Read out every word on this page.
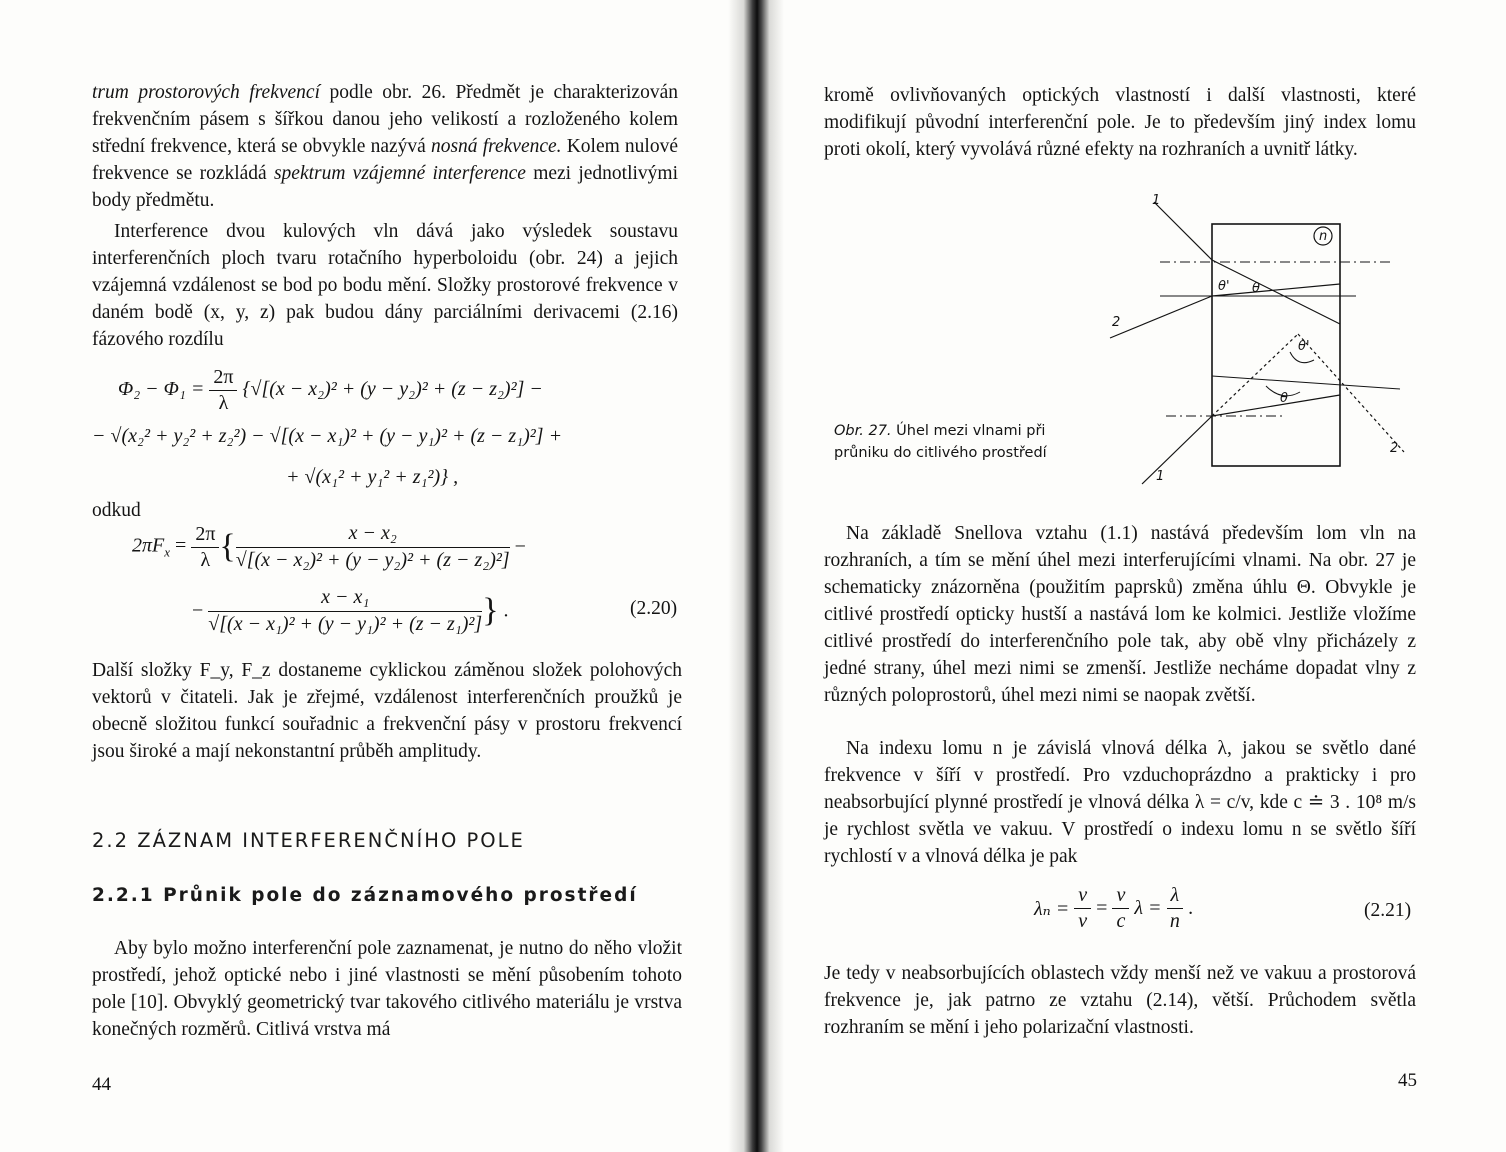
trum prostorových frekvencí podle obr. 26. Předmět je charakterizován frekvenčním pásem s šířkou danou jeho velikostí a rozloženého kolem střední frekvence, která se obvykle nazývá nosná frekvence. Kolem nulové frekvence se rozkládá spektrum vzájemné interference mezi jednotlivými body předmětu.

Interference dvou kulových vln dává jako výsledek soustavu interferenčních ploch tvaru rotačního hyperboloidu (obr. 24) a jejich vzájemná vzdálenost se bod po bodu mění. Složky prostorové frekvence v daném bodě (x, y, z) pak budou dány parciálními derivacemi (2.16) fázového rozdílu

$\Phi_2 - \Phi_1 = \frac{2\pi}{\lambda} \{√[(x - x_2)^2 + (y - y_2)^2 + (z - z_2)^2]$ −
− √(x₂² + y₂² + z₂²) − √[(x − x₁)² + (y − y₁)² + (z − z₁)²] +
+ √(x₁² + y₁² + z₁²)} ,

odkud

$2\pi F_x = \frac{2\pi}{\lambda}$ { $\frac{\text{x − x₂}}{\text{√[(x − x₂)² + (y − y₂)² + (z − z₂)²]}}$ −
− $\frac{\text{x − x₁}}{\text{√[(x − x₁)² + (y − y₁)² + (z − z₁)²]}}$ } .	(2.20)

Další složky F_y, F_z dostaneme cyklickou záměnou složek polohových vektorů v čitateli. Jak je zřejmé, vzdálenost interferenčních proužků je obecně složitou funkcí souřadnic a frekvenční pásy v prostoru frekvencí jsou široké a mají nekonstantní průběh amplitudy.

2.2 ZÁZNAM INTERFERENČNÍHO POLE
2.2.1 Průnik pole do záznamového prostředí

Aby bylo možno interferenční pole zaznamenat, je nutno do něho vložit prostředí, jehož optické nebo i jiné vlastnosti se mění působením tohoto pole [10]. Obvyklý geometrický tvar takového citlivého materiálu je vrstva konečných rozměrů. Citlivá vrstva má

44

kromě ovlivňovaných optických vlastností i další vlastnosti, které modifikují původní interferenční pole. Je to především jiný index lomu proti okolí, který vyvolává různé efekty na rozhraních a uvnitř látky.

Obr. 27. Úhel mezi vlnami při průniku do citlivého prostředí

Na základě Snellova vztahu (1.1) nastává především lom vln na rozhraních, a tím se mění úhel mezi interferujícími vlnami. Na obr. 27 je schematicky znázorněna (použitím paprsků) změna úhlu Θ. Obvykle je citlivé prostředí opticky hustší a nastává lom ke kolmici. Jestliže vložíme citlivé prostředí do interferenčního pole tak, aby obě vlny přicházely z jedné strany, úhel mezi nimi se zmenší. Jestliže necháme dopadat vlny z různých poloprostorů, úhel mezi nimi se naopak zvětší.

Na indexu lomu n je závislá vlnová délka λ, jakou se světlo dané frekvence v šíří v prostředí. Pro vzduchoprázdno a prakticky i pro neabsorbující plynné prostředí je vlnová délka λ = c/v, kde c ≐ 3 . 10⁸ m/s je rychlost světla ve vakuu. V prostředí o indexu lomu n se světlo šíří rychlostí v a vlnová délka je pak

$\lambda_n = \frac{v}{v} = \frac{v}{c}$ $\lambda = \frac{\lambda}{n}$ .	(2.21)

Je tedy v neabsorbujících oblastech vždy menší než ve vakuu a prostorová frekvence je, jak patrno ze vztahu (2.14), větší. Průchodem světla rozhraním se mění i jeho polarizační vlastnosti.

45
n
1
2
2
1
θ
θ
θ'
θ'
